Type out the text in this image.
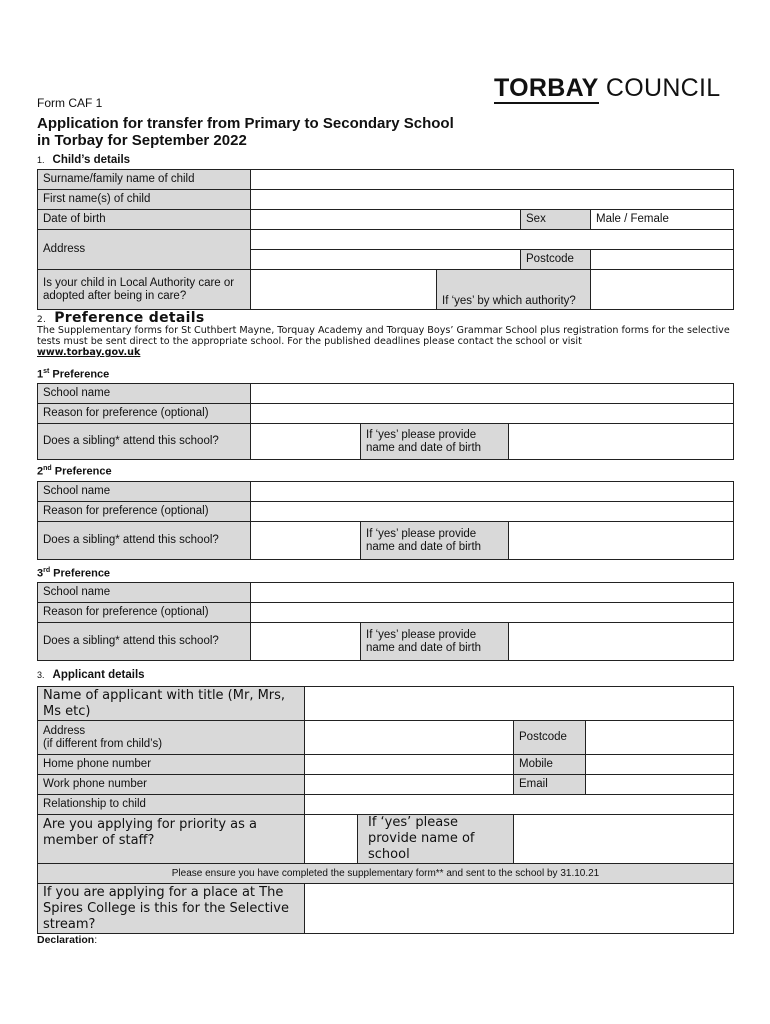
TORBAY COUNCIL
Form CAF 1
Application for transfer from Primary to Secondary School in Torbay for September 2022
1. Child’s details
Surname/family name of child				
First name(s) of child				
Date of birth			Sex	Male / Female
Address				
			Postcode	
Is your child in Local Authority care or adopted after being in care?		If ‘yes’ by which authority?		
2. Preference details
The Supplementary forms for St Cuthbert Mayne, Torquay Academy and Torquay Boys’ Grammar School plus registration forms for the selective tests must be sent direct to the appropriate school. For the published deadlines please contact the school or visit
www.torbay.gov.uk
1st Preference
School name			
Reason for preference (optional)			
Does a sibling* attend this school?		If ‘yes’ please provide name and date of birth	
2nd Preference
School name			
Reason for preference (optional)			
Does a sibling* attend this school?		If ‘yes’ please provide name and date of birth	
3rd Preference
School name			
Reason for preference (optional)			
Does a sibling* attend this school?		If ‘yes’ please provide name and date of birth	
3. Applicant details
Name of applicant with title (Mr, Mrs, Ms etc)				
Address
(if different from child’s)			Postcode	
Home phone number			Mobile	
Work phone number			Email	
Relationship to child				
Are you applying for priority as a member of staff?		If ‘yes’ please provide name of school		
Please ensure you have completed the supplementary form** and sent to the school by 31.10.21				
If you are applying for a place at The Spires College is this for the Selective stream?				
Declaration:
